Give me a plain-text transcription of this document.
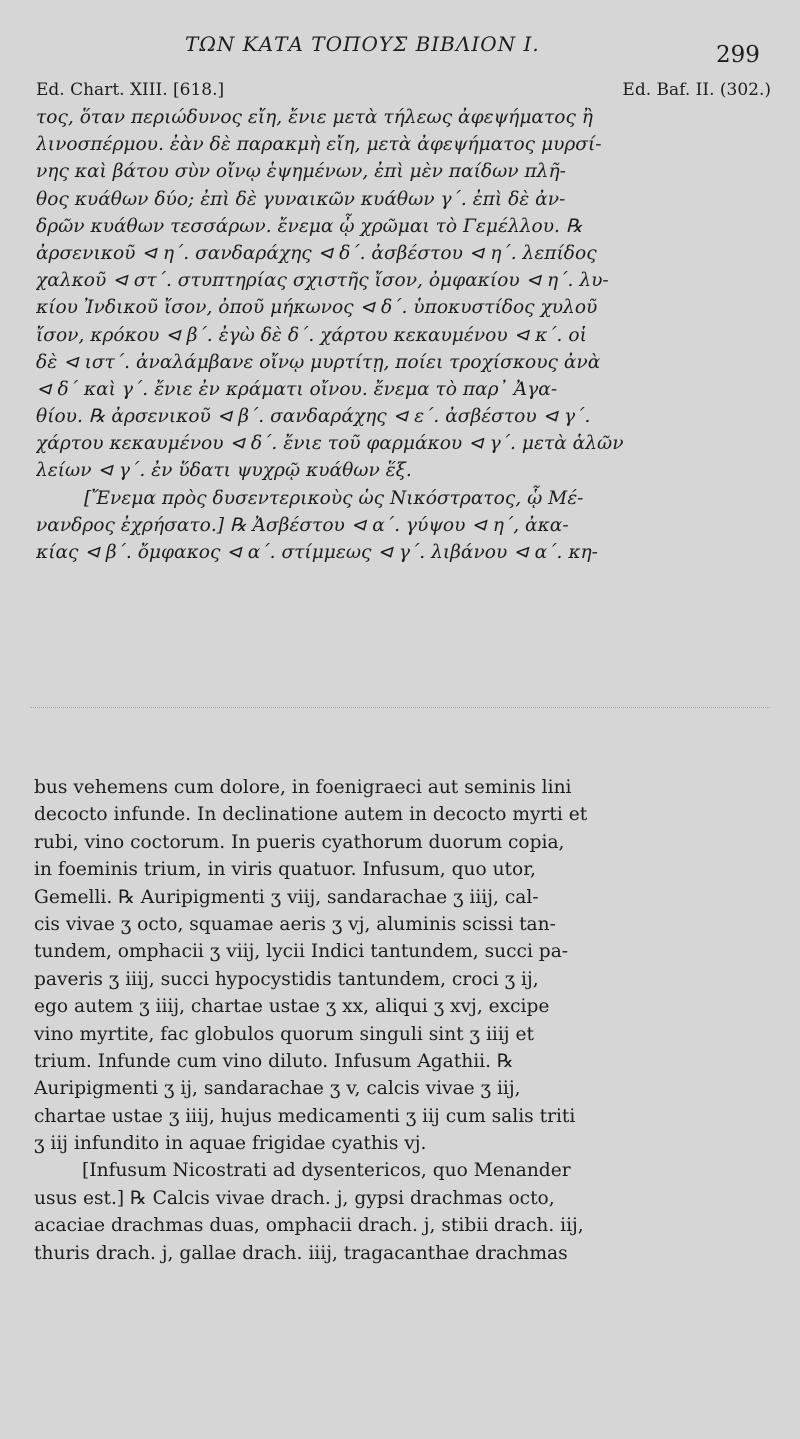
ΤΩΝ ΚΑΤΑ ΤΟΠΟΥΣ ΒΙΒΛΙΟΝ Ι.	299
Ed. Chart. XIII. [618.]	Ed. Baf. II. (302.)
τος, ὅταν περιώδυνος εἴη, ἔνιε μετὰ τήλεως ἀφεψήματος ἢ
λινοσπέρμου. ἐὰν δὲ παρακμὴ εἴη, μετὰ ἀφεψήματος μυρσί-
νης καὶ βάτου σὺν οἴνῳ ἑψημένων, ἐπὶ μὲν παίδων πλῆ-
θος κυάθων δύο; ἐπὶ δὲ γυναικῶν κυάθων γ΄. ἐπὶ δὲ ἀν-
δρῶν κυάθων τεσσάρων. ἔνεμα ᾧ χρῶμαι τὸ Γεμέλλου. ℞
ἀρσενικοῦ ⊲ η΄. σανδαράχης ⊲ δ΄. ἀσβέστου ⊲ η΄. λεπίδος
χαλκοῦ ⊲ στ΄. στυπτηρίας σχιστῆς ἴσον, ὀμφακίου ⊲ η΄. λυ-
κίου Ἰνδικοῦ ἴσον, ὀποῦ μήκωνος ⊲ δ΄. ὑποκυστίδος χυλοῦ
ἴσον, κρόκου ⊲ β΄. ἐγὼ δὲ δ΄. χάρτου κεκαυμένου ⊲ κ΄. οἱ
δὲ ⊲ ιστ΄. ἀναλάμβανε οἴνῳ μυρτίτῃ, ποίει τροχίσκους ἀνὰ
⊲ δ΄ καὶ γ΄. ἔνιε ἐν κράματι οἴνου. ἔνεμα τὸ παρ᾽ Ἀγα-
θίου. ℞ ἀρσενικοῦ ⊲ β΄. σανδαράχης ⊲ ε΄. ἀσβέστου ⊲ γ΄.
χάρτου κεκαυμένου ⊲ δ΄. ἔνιε τοῦ φαρμάκου ⊲ γ΄. μετὰ ἁλῶν
λείων ⊲ γ΄. ἐν ὕδατι ψυχρῷ κυάθων ἕξ.
[Ἔνεμα πρὸς δυσεντερικοὺς ὡς Νικόστρατος, ᾧ Μέ-
νανδρος ἐχρήσατο.] ℞ Ἀσβέστου ⊲ α΄. γύψου ⊲ η΄, ἀκα-
κίας ⊲ β΄. ὄμφακος ⊲ α΄. στίμμεως ⊲ γ΄. λιβάνου ⊲ α΄. κη-
bus vehemens cum dolore, in foenigraeci aut seminis lini
decocto infunde. In declinatione autem in decocto myrti et
rubi, vino coctorum. In pueris cyathorum duorum copia,
in foeminis trium, in viris quatuor. Infusum, quo utor,
Gemelli. ℞ Auripigmenti ʒ viij, sandarachae ʒ iiij, cal-
cis vivae ʒ octo, squamae aeris ʒ vj, aluminis scissi tan-
tundem, omphacii ʒ viij, lycii Indici tantundem, succi pa-
paveris ʒ iiij, succi hypocystidis tantundem, croci ʒ ij,
ego autem ʒ iiij, chartae ustae ʒ xx, aliqui ʒ xvj, excipe
vino myrtite, fac globulos quorum singuli sint ʒ iiij et
trium. Infunde cum vino diluto. Infusum Agathii. ℞
Auripigmenti ʒ ij, sandarachae ʒ v, calcis vivae ʒ iij,
chartae ustae ʒ iiij, hujus medicamenti ʒ iij cum salis triti
ʒ iij infundito in aquae frigidae cyathis vj.
[Infusum Nicostrati ad dysentericos, quo Menander
usus est.] ℞ Calcis vivae drach. j, gypsi drachmas octo,
acaciae drachmas duas, omphacii drach. j, stibii drach. iij,
thuris drach. j, gallae drach. iiij, tragacanthae drachmas
